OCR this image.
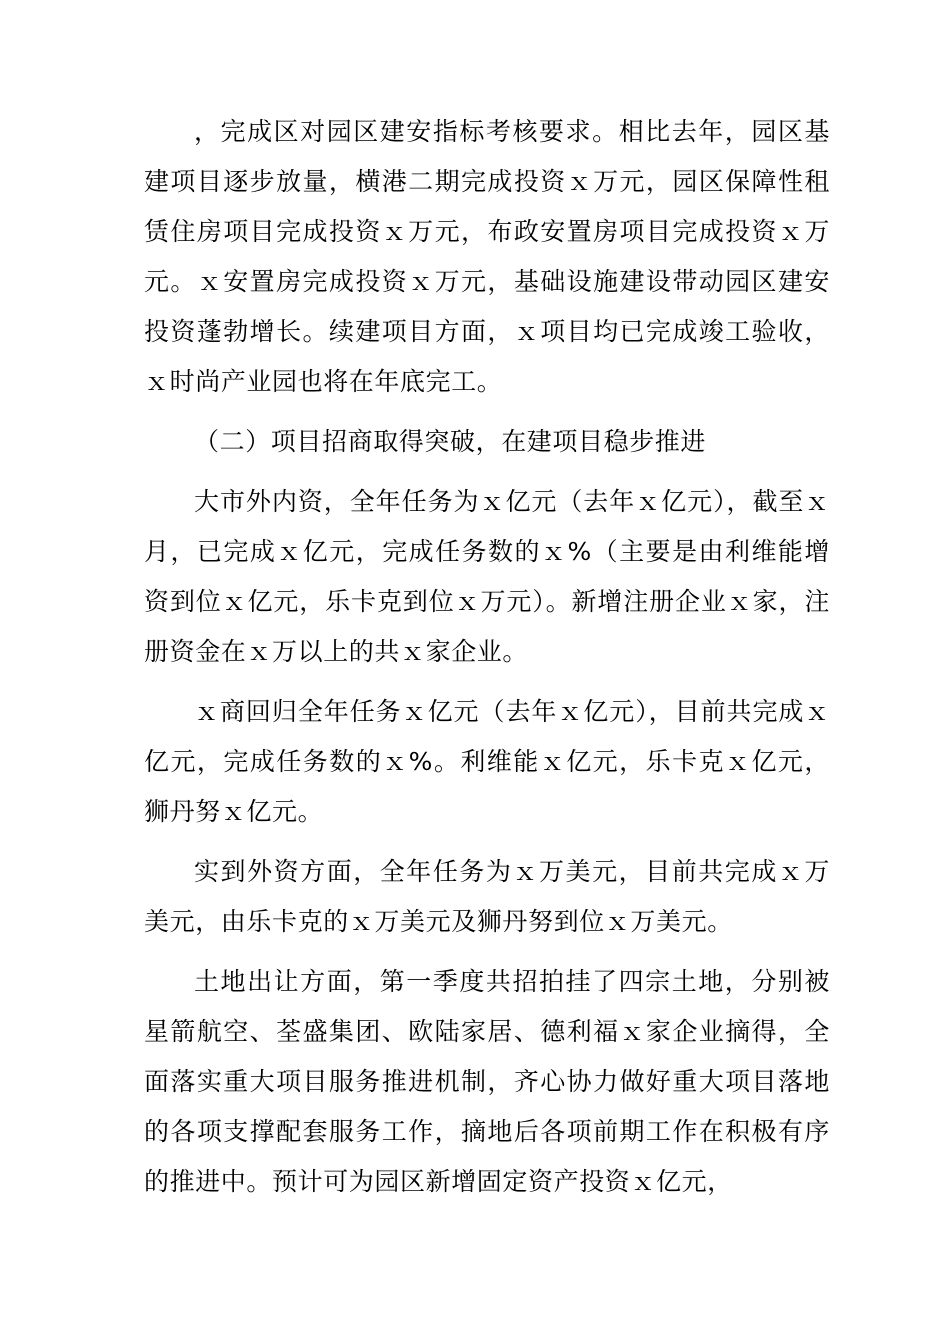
，完成区对园区建安指标考核要求。相比去年，园区基建项目逐步放量，横港二期完成投资ｘ万元，园区保障性租赁住房项目完成投资ｘ万元，布政安置房项目完成投资ｘ万元。ｘ安置房完成投资ｘ万元，基础设施建设带动园区建安投资蓬勃增长。续建项目方面，ｘ项目均已完成竣工验收，ｘ时尚产业园也将在年底完工。

（二）项目招商取得突破，在建项目稳步推进

大市外内资，全年任务为ｘ亿元（去年ｘ亿元），截至ｘ月，已完成ｘ亿元，完成任务数的ｘ%（主要是由利维能增资到位ｘ亿元，乐卡克到位ｘ万元）。新增注册企业ｘ家，注册资金在ｘ万以上的共ｘ家企业。

ｘ商回归全年任务ｘ亿元（去年ｘ亿元），目前共完成ｘ亿元，完成任务数的ｘ%。利维能ｘ亿元，乐卡克ｘ亿元，狮丹努ｘ亿元。

实到外资方面，全年任务为ｘ万美元，目前共完成ｘ万美元，由乐卡克的ｘ万美元及狮丹努到位ｘ万美元。

土地出让方面，第一季度共招拍挂了四宗土地，分别被星箭航空、荃盛集团、欧陆家居、德利福ｘ家企业摘得，全面落实重大项目服务推进机制，齐心协力做好重大项目落地的各项支撑配套服务工作，摘地后各项前期工作在积极有序的推进中。预计可为园区新增固定资产投资ｘ亿元，
